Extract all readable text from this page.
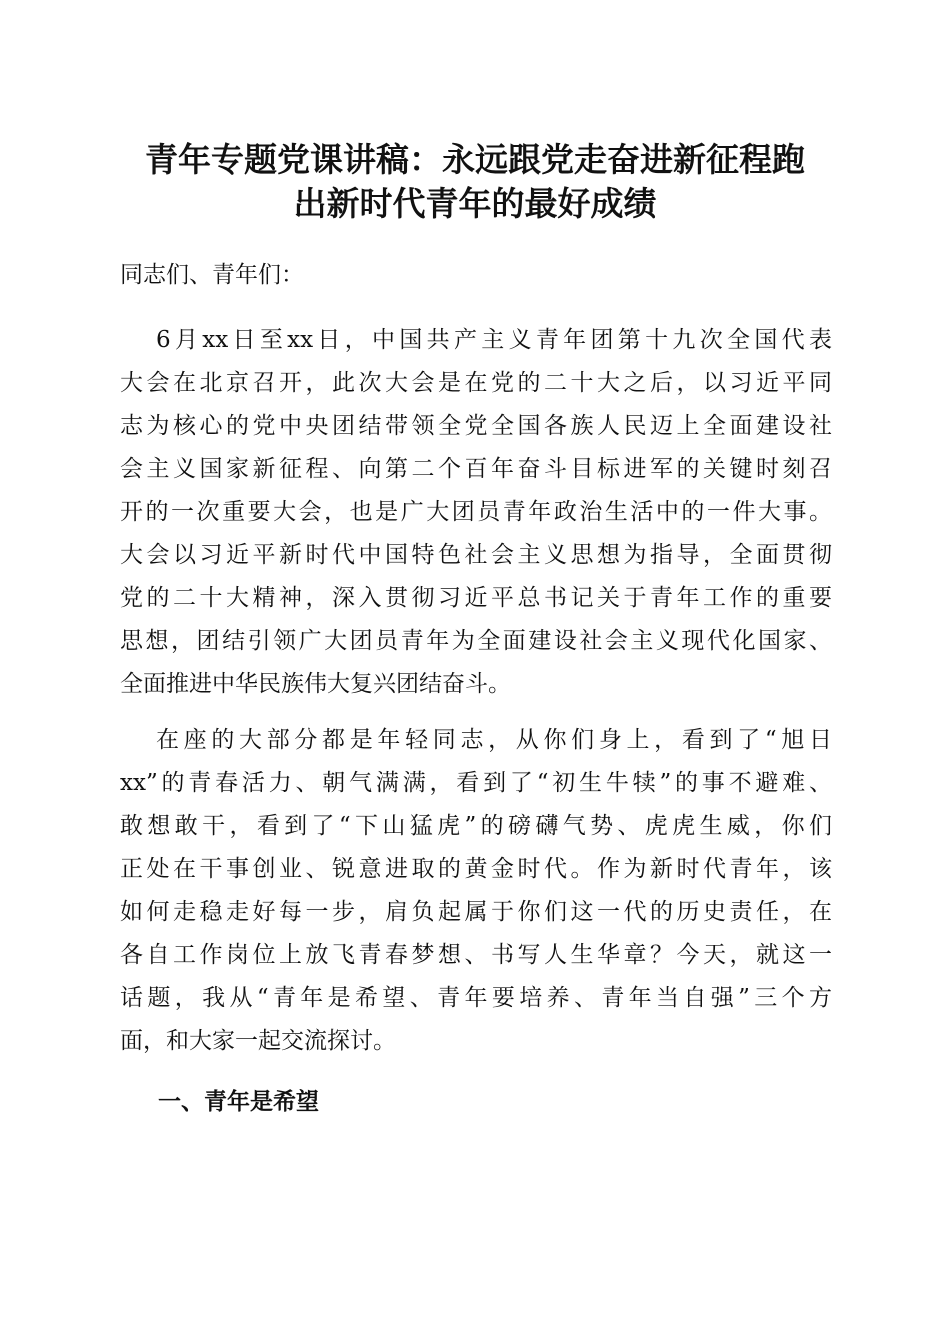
青年专题党课讲稿：永远跟党走奋进新征程跑
出新时代青年的最好成绩

同志们、青年们：

6月xx日至xx日，中国共产主义青年团第十九次全国代表
大会在北京召开，此次大会是在党的二十大之后，以习近平同
志为核心的党中央团结带领全党全国各族人民迈上全面建设社
会主义国家新征程、向第二个百年奋斗目标进军的关键时刻召
开的一次重要大会，也是广大团员青年政治生活中的一件大事。
大会以习近平新时代中国特色社会主义思想为指导，全面贯彻
党的二十大精神，深入贯彻习近平总书记关于青年工作的重要
思想，团结引领广大团员青年为全面建设社会主义现代化国家、
全面推进中华民族伟大复兴团结奋斗。
在座的大部分都是年轻同志，从你们身上，看到了“旭日
xx”的青春活力、朝气满满，看到了“初生牛犊”的事不避难、
敢想敢干，看到了“下山猛虎”的磅礴气势、虎虎生威，你们
正处在干事创业、锐意进取的黄金时代。作为新时代青年，该
如何走稳走好每一步，肩负起属于你们这一代的历史责任，在
各自工作岗位上放飞青春梦想、书写人生华章？今天，就这一
话题，我从“青年是希望、青年要培养、青年当自强”三个方
面，和大家一起交流探讨。
一、青年是希望
